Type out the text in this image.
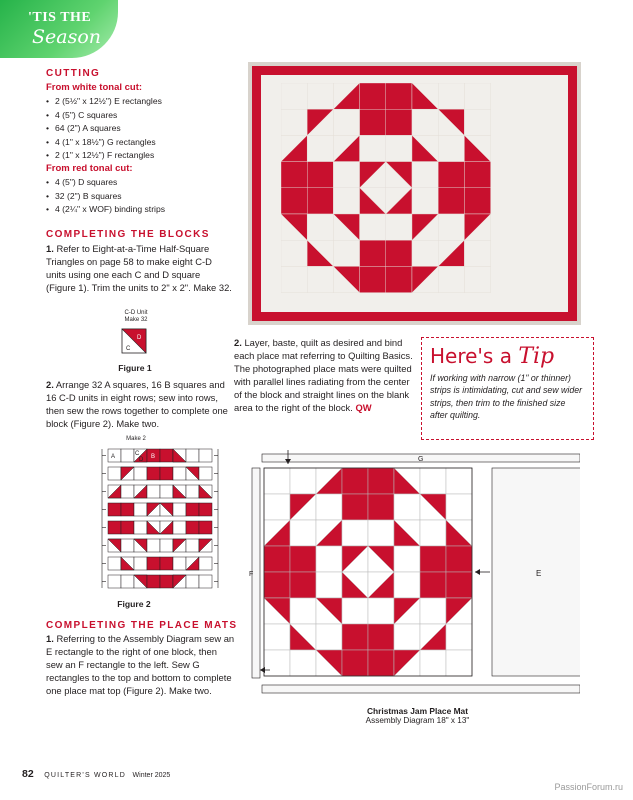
'TIS THE
Season
CUTTING
From white tonal cut:
• 2 (5½" x 12½") E rectangles
• 4 (5") C squares
• 64 (2") A squares
• 4 (1" x 18½") G rectangles
• 2 (1" x 12½") F rectangles
From red tonal cut:
• 4 (5") D squares
• 32 (2") B squares
• 4 (2¼" x WOF) binding strips
COMPLETING THE BLOCKS
1. Refer to Eight-at-a-Time Half-Square Triangles on page 58 to make eight C-D units using one each C and D square (Figure 1). Trim the units to 2" x 2". Make 32.
C-D Unit
Make 32
C
D
Figure 1
2. Arrange 32 A squares, 16 B squares and 16 C-D units in eight rows; sew into rows, then sew the rows together to complete one block (Figure 2). Make two.
Make 2
A	C
D B
Figure 2
COMPLETING THE PLACE MATS
1. Referring to the Assembly Diagram sew an E rectangle to the right of one block, then sew an F rectangle to the left. Sew G rectangles to the top and bottom to complete one place mat top (Figure 2). Make two.
2. Layer, baste, quilt as desired and bind each place mat referring to Quilting Basics. The photographed place mats were quilted with parallel lines radiating from the center of the block and straight lines on the blank area to the right of the block. QW
Here's a Tip
If working with narrow (1" or thinner) strips is intimidating, cut and sew wider strips, then trim to the finished size after quilting.
G
F	E
Christmas Jam Place Mat
Assembly Diagram 18" x 13"
82 QUILTER'S WORLD Winter 2025
PassionForum.ru
